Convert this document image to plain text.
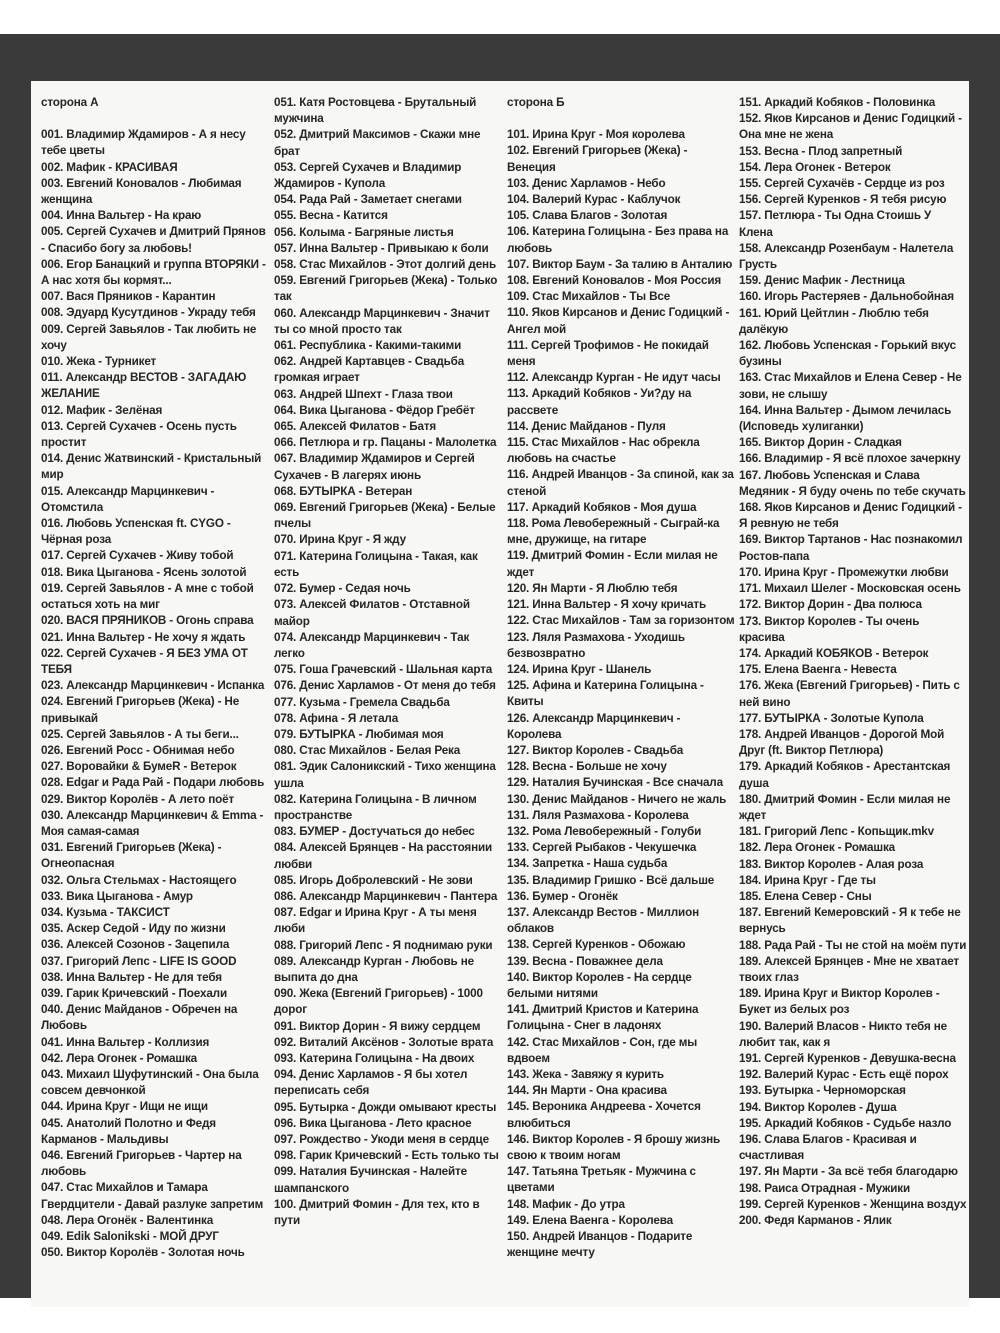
сторона А
001. Владимир Ждамиров - А я несу тебе цветы
002. Мафик - КРАСИВАЯ
003. Евгений Коновалов - Любимая женщина
004. Инна Вальтер - На краю
005. Сергей Сухачев и Дмитрий Прянов - Спасибо богу за любовь!
006. Егор Банацкий и группа ВТОРЯКИ - А нас хотя бы кормят...
007. Вася Пряников - Карантин
008. Эдуард Кусутдинов - Украду тебя
009. Сергей Завьялов - Так любить не хочу
010. Жека - Турникет
011. Александр ВЕСТОВ - ЗАГАДАЮ ЖЕЛАНИЕ
012. Мафик - Зелёная
013. Сергей Сухачев - Осень пусть простит
014. Денис Жатвинский - Кристальный мир
015. Александр Марцинкевич - Отомстила
016. Любовь Успенская ft. CYGO - Чёрная роза
017. Сергей Сухачев - Живу тобой
018. Вика Цыганова - Ясень золотой
019. Сергей Завьялов - А мне с тобой остаться хоть на миг
020. ВАСЯ ПРЯНИКОВ - Огонь справа
021. Инна Вальтер - Не хочу я ждать
022. Сергей Сухачев - Я БЕЗ УМА ОТ ТЕБЯ
023. Александр Марцинкевич - Испанка
024. Евгений Григорьев (Жека) - Не привыкай
025. Сергей Завьялов - А ты беги...
026. Евгений Росс - Обнимая небо
027. Воровайки & БумеR - Ветерок
028. Edgar и Рада Рай - Подари любовь
029. Виктор Королёв - А лето поёт
030. Александр Марцинкевич & Emma - Моя самая-самая
031. Евгений Григорьев (Жека) - Огнеопасная
032. Ольга Стельмах - Настоящего
033. Вика Цыганова - Амур
034. Кузьма - ТАКСИСТ
035. Аскер Седой - Иду по жизни
036. Алексей Созонов - Зацепила
037. Григорий Лепс - LIFE IS GOOD
038. Инна Вальтер - Не для тебя
039. Гарик Кричевский - Поехали
040. Денис Майданов - Обречен на Любовь
041. Инна Вальтер - Коллизия
042. Лера Огонек - Ромашка
043. Михаил Шуфутинский - Она была совсем девчонкой
044. Ирина Круг - Ищи не ищи
045. Анатолий Полотно и Федя Карманов - Мальдивы
046. Евгений Григорьев - Чартер на любовь
047. Стас Михайлов и Тамара Гвердцители - Давай разлуке запретим
048. Лера Огонёк - Валентинка
049. Edik Salonikski - МОЙ ДРУГ
050. Виктор Королёв - Золотая ночь
051. Катя Ростовцева - Брутальный мужчина
052. Дмитрий Максимов - Скажи мне брат
053. Сергей Сухачев и Владимир Ждамиров - Купола
054. Рада Рай - Заметает снегами
055. Весна - Катится
056. Колыма - Багряные листья
057. Инна Вальтер - Привыкаю к боли
058. Стас Михайлов - Этот долгий день
059. Евгений Григорьев (Жека) - Только так
060. Александр Марцинкевич - Значит ты со мной просто так
061. Республика - Какими-такими
062. Андрей Картавцев - Свадьба громкая играет
063. Андрей Шпехт - Глаза твои
064. Вика Цыганова - Фёдор Гребёт
065. Алексей Филатов - Батя
066. Петлюра и гр. Пацаны - Малолетка
067. Владимир Ждамиров и Сергей Сухачев - В лагерях июнь
068. БУТЫРКА - Ветеран
069. Евгений Григорьев (Жека) - Белые пчелы
070. Ирина Круг - Я жду
071. Катерина Голицына - Такая, как есть
072. Бумер - Седая ночь
073. Алексей Филатов - Отставной майор
074. Александр Марцинкевич - Так легко
075. Гоша Грачевский - Шальная карта
076. Денис Харламов - От меня до тебя
077. Кузьма - Гремела Свадьба
078. Афина - Я летала
079. БУТЫРКА - Любимая моя
080. Стас Михайлов - Белая Река
081. Эдик Салоникский - Тихо женщина ушла
082. Катерина Голицына - В личном пространстве
083. БУМЕР - Достучаться до небес
084. Алексей Брянцев - На расстоянии любви
085. Игорь Добролевский - Не зови
086. Александр Марцинкевич - Пантера
087. Edgar и Ирина Круг - А ты меня люби
088. Григорий Лепс - Я поднимаю руки
089. Александр Курган - Любовь не выпита до дна
090. Жека (Евгений Григорьев) - 1000 дорог
091. Виктор Дорин - Я вижу сердцем
092. Виталий Аксёнов - Золотые врата
093. Катерина Голицына - На двоих
094. Денис Харламов - Я бы хотел переписать себя
095. Бутырка - Дожди омывают кресты
096. Вика Цыганова - Лето красное
097. Рождество - Укоди меня в сердце
098. Гарик Кричевский - Есть только ты
099. Наталия Бучинская - Налейте шампанского
100. Дмитрий Фомин - Для тех, кто в пути
сторона Б
101. Ирина Круг - Моя королева
102. Евгений Григорьев (Жека) - Венеция
103. Денис Харламов - Небо
104. Валерий Курас - Каблучок
105. Слава Благов - Золотая
106. Катерина Голицына - Без права на любовь
107. Виктор Баум - За талию в Анталию
108. Евгений Коновалов - Моя Россия
109. Стас Михайлов - Ты Все
110. Яков Кирсанов и Денис Годицкий - Ангел мой
111. Сергей Трофимов - Не покидай меня
112. Александр Курган - Не идут часы
113. Аркадий Кобяков - Уи?ду на рассвете
114. Денис Майданов - Пуля
115. Стас Михайлов - Нас обрекла любовь на счастье
116. Андрей Иванцов - За спиной, как за стеной
117. Аркадий Кобяков - Моя душа
118. Рома Левобережный - Сыграй-ка мне, дружище, на гитаре
119. Дмитрий Фомин - Если милая не ждет
120. Ян Марти - Я Люблю тебя
121. Инна Вальтер - Я хочу кричать
122. Стас Михайлов - Там за горизонтом
123. Ляля Размахова - Уходишь безвозвратно
124. Ирина Круг - Шанель
125. Афина и Катерина Голицына - Квиты
126. Александр Марцинкевич - Королева
127. Виктор Королев - Свадьба
128. Весна - Больше не хочу
129. Наталия Бучинская - Все сначала
130. Денис Майданов - Ничего не жаль
131. Ляля Размахова - Королева
132. Рома Левобережный - Голуби
133. Сергей Рыбаков - Чекушечка
134. Запретка - Наша судьба
135. Владимир Гришко - Всё дальше
136. Бумер - Огонёк
137. Александр Вестов - Миллион облаков
138. Сергей Куренков - Обожаю
139. Весна - Поважнее дела
140. Виктор Королев - На сердце белыми нитями
141. Дмитрий Кристов и Катерина Голицына - Снег в ладонях
142. Стас Михайлов - Сон, где мы вдвоем
143. Жека - Завяжу я курить
144. Ян Марти - Она красива
145. Вероника Андреева - Хочется влюбиться
146. Виктор Королев - Я брошу жизнь свою к твоим ногам
147. Татьяна Третьяк - Мужчина с цветами
148. Мафик - До утра
149. Елена Ваенга - Королева
150. Андрей Иванцов - Подарите женщине мечту
151. Аркадий Кобяков - Половинка
152. Яков Кирсанов и Денис Годицкий - Она мне не жена
153. Весна - Плод запретный
154. Лера Огонек - Ветерок
155. Сергей Сухачёв - Сердце из роз
156. Сергей Куренков - Я тебя рисую
157. Петлюра - Ты Одна Стоишь У Клена
158. Александр Розенбаум - Налетела Грусть
159. Денис Мафик - Лестница
160. Игорь Растеряев - Дальнобойная
161. Юрий Цейтлин - Люблю тебя далёкую
162. Любовь Успенская - Горький вкус бузины
163. Стас Михайлов и Елена Север - Не зови, не слышу
164. Инна Вальтер - Дымом лечилась (Исповедь хулиганки)
165. Виктор Дорин - Сладкая
166. Владимир - Я всё плохое зачеркну
167. Любовь Успенская и Слава Медяник - Я буду очень по тебе скучать
168. Яков Кирсанов и Денис Годицкий - Я ревную не тебя
169. Виктор Тартанов - Нас познакомил Ростов-папа
170. Ирина Круг - Промежутки любви
171. Михаил Шелег - Московская осень
172. Виктор Дорин - Два полюса
173. Виктор Королев - Ты очень красива
174. Аркадий КОБЯКОВ - Ветерок
175. Елена Ваенга - Невеста
176. Жека (Евгений Григорьев) - Пить с ней вино
177. БУТЫРКА - Золотые Купола
178. Андрей Иванцов - Дорогой Мой Друг (ft. Виктор Петлюра)
179. Аркадий Кобяков - Арестантская душа
180. Дмитрий Фомин - Если милая не ждет
181. Григорий Лепс - Копьщик.mkv
182. Лера Огонек - Ромашка
183. Виктор Королев - Алая роза
184. Ирина Круг - Где ты
185. Елена Север - Сны
187. Евгений Кемеровский - Я к тебе не вернусь
188. Рада Рай - Ты не стой на моём пути
189. Алексей Брянцев - Мне не хватает твоих глаз
189. Ирина Круг и Виктор Королев - Букет из белых роз
190. Валерий Власов - Никто тебя не любит так, как я
191. Сергей Куренков - Девушка-весна
192. Валерий Курас - Есть ещё порох
193. Бутырка - Черноморская
194. Виктор Королев - Душа
195. Аркадий Кобяков - Судьбе назло
196. Слава Благов - Красивая и счастливая
197. Ян Марти - За всё тебя благодарю
198. Раиса Отрадная - Мужики
199. Сергей Куренков - Женщина воздух
200. Федя Карманов - Ялик
